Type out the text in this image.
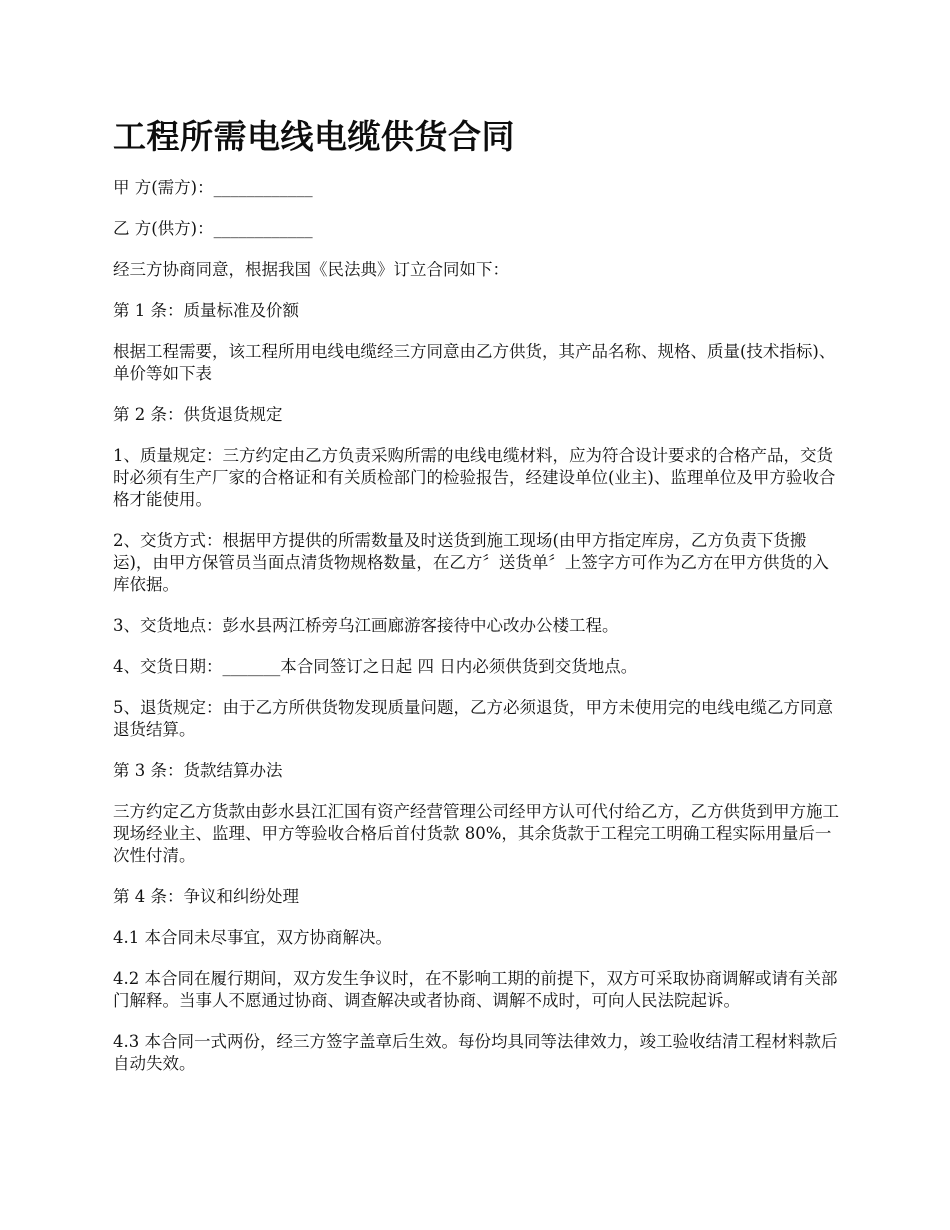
工程所需电线电缆供货合同

甲 方(需方)：____________

乙 方(供方)：____________

经三方协商同意，根据我国《民法典》订立合同如下：

第 1 条：质量标准及价额

根据工程需要，该工程所用电线电缆经三方同意由乙方供货，其产品名称、规格、质量(技术指标)、单价等如下表

第 2 条：供货退货规定

1、质量规定：三方约定由乙方负责采购所需的电线电缆材料，应为符合设计要求的合格产品，交货时必须有生产厂家的合格证和有关质检部门的检验报告，经建设单位(业主)、监理单位及甲方验收合格才能使用。

2、交货方式：根据甲方提供的所需数量及时送货到施工现场(由甲方指定库房，乙方负责下货搬运)，由甲方保管员当面点清货物规格数量，在乙方〞送货单〞上签字方可作为乙方在甲方供货的入库依据。

3、交货地点：彭水县两江桥旁乌江画廊游客接待中心改办公楼工程。

4、交货日期：_______本合同签订之日起 四 日内必须供货到交货地点。

5、退货规定：由于乙方所供货物发现质量问题，乙方必须退货，甲方未使用完的电线电缆乙方同意退货结算。

第 3 条：货款结算办法

三方约定乙方货款由彭水县江汇国有资产经营管理公司经甲方认可代付给乙方，乙方供货到甲方施工现场经业主、监理、甲方等验收合格后首付货款 80%，其余货款于工程完工明确工程实际用量后一次性付清。

第 4 条：争议和纠纷处理

4.1 本合同未尽事宜，双方协商解决。

4.2 本合同在履行期间，双方发生争议时，在不影响工期的前提下，双方可采取协商调解或请有关部门解释。当事人不愿通过协商、调查解决或者协商、调解不成时，可向人民法院起诉。

4.3 本合同一式两份，经三方签字盖章后生效。每份均具同等法律效力，竣工验收结清工程材料款后自动失效。
